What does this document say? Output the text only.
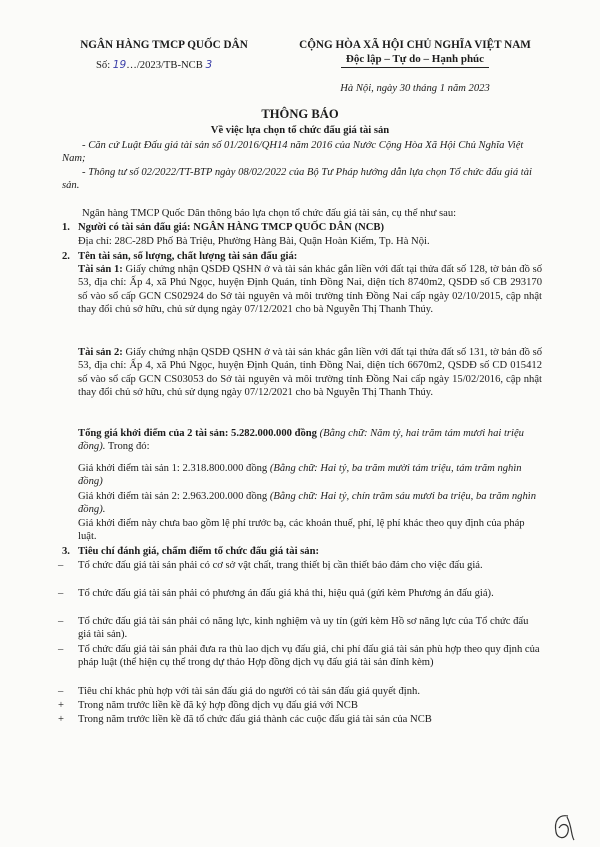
NGÂN HÀNG TMCP QUỐC DÂN
Số: 19…/2023/TB-NCB 3
CỘNG HÒA XÃ HỘI CHỦ NGHĨA VIỆT NAM
Độc lập – Tự do – Hạnh phúc
Hà Nội, ngày 30 tháng 1 năm 2023
THÔNG BÁO
Về việc lựa chọn tổ chức đấu giá tài sản
- Căn cứ Luật Đấu giá tài sản số 01/2016/QH14 năm 2016 của Nước Cộng Hòa Xã Hội Chủ Nghĩa Việt Nam;
- Thông tư số 02/2022/TT-BTP ngày 08/02/2022 của Bộ Tư Pháp hướng dẫn lựa chọn Tổ chức đấu giá tài sản.
Ngân hàng TMCP Quốc Dân thông báo lựa chọn tổ chức đấu giá tài sản, cụ thể như sau:
1. Người có tài sản đấu giá: NGÂN HÀNG TMCP QUỐC DÂN (NCB)
Địa chỉ: 28C-28D Phố Bà Triệu, Phường Hàng Bài, Quận Hoàn Kiếm, Tp. Hà Nội.
2. Tên tài sản, số lượng, chất lượng tài sản đấu giá:
Tài sản 1: Giấy chứng nhận QSDĐ QSHN ở và tài sản khác gắn liền với đất tại thửa đất số 128, tờ bản đồ số 53, địa chỉ: Ấp 4, xã Phú Ngọc, huyện Định Quán, tỉnh Đồng Nai, diện tích 8740m2, QSDĐ số CB 293170 số vào sổ cấp GCN CS02924 do Sở tài nguyên và môi trường tỉnh Đồng Nai cấp ngày 02/10/2015, cập nhật thay đổi chủ sở hữu, chủ sử dụng ngày 07/12/2021 cho bà Nguyễn Thị Thanh Thúy.
Tài sản 2: Giấy chứng nhận QSDĐ QSHN ở và tài sản khác gắn liền với đất tại thửa đất số 131, tờ bản đồ số 53, địa chỉ: Ấp 4, xã Phú Ngọc, huyện Định Quán, tỉnh Đồng Nai, diện tích 6670m2, QSDĐ số CD 015412 số vào sổ cấp GCN CS03053 do Sở tài nguyên và môi trường tỉnh Đồng Nai cấp ngày 15/02/2016, cập nhật thay đổi chủ sở hữu, chủ sử dụng ngày 07/12/2021 cho bà Nguyễn Thị Thanh Thúy.
Tổng giá khởi điểm của 2 tài sản: 5.282.000.000 đồng (Bằng chữ: Năm tỷ, hai trăm tám mươi hai triệu đồng). Trong đó:
Giá khởi điểm tài sản 1: 2.318.800.000 đồng (Bằng chữ: Hai tỷ, ba trăm mười tám triệu, tám trăm nghìn đồng)
Giá khởi điểm tài sản 2: 2.963.200.000 đồng (Bằng chữ: Hai tỷ, chín trăm sáu mươi ba triệu, ba trăm nghìn đồng).
Giá khởi điểm này chưa bao gồm lệ phí trước bạ, các khoản thuế, phí, lệ phí khác theo quy định của pháp luật.
3. Tiêu chí đánh giá, chấm điểm tổ chức đấu giá tài sản:
– Tổ chức đấu giá tài sản phải có cơ sở vật chất, trang thiết bị cần thiết bảo đảm cho việc đấu giá.
– Tổ chức đấu giá tài sản phải có phương án đấu giá khả thi, hiệu quả (gửi kèm Phương án đấu giá).
– Tổ chức đấu giá tài sản phải có năng lực, kinh nghiệm và uy tín (gửi kèm Hồ sơ năng lực của Tổ chức đấu giá tài sản).
– Tổ chức đấu giá tài sản phải đưa ra thù lao dịch vụ đấu giá, chi phí đấu giá tài sản phù hợp theo quy định của pháp luật (thể hiện cụ thể trong dự thảo Hợp đồng dịch vụ đấu giá tài sản đính kèm)
– Tiêu chí khác phù hợp với tài sản đấu giá do người có tài sản đấu giá quyết định.
+ Trong năm trước liền kề đã ký hợp đồng dịch vụ đấu giá với NCB
+ Trong năm trước liền kề đã tổ chức đấu giá thành các cuộc đấu giá tài sản của NCB
